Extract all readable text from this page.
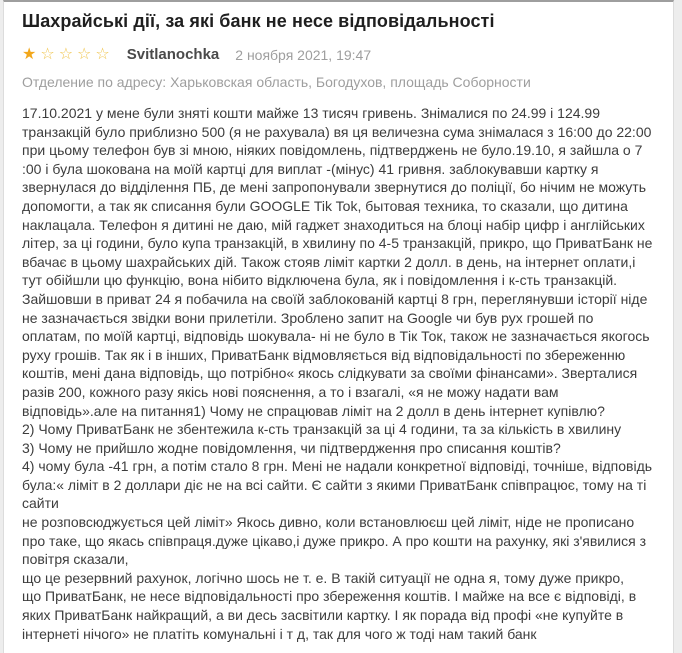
Шахрайські дії, за які банк не несе відповідальності
★ ☆ ☆ ☆ ☆ Svitlanochka 2 ноября 2021, 19:47
Отделение по адресу: Харьковская область, Богодухов, площадь Соборности
17.10.2021 у мене були зняті кошти майже 13 тисяч гривень. Знімалися по 24.99 і 124.99 транзакцій було приблизно 500 (я не рахувала) вя ця величезна сума знімалася з 16:00 до 22:00 при цьому телефон був зі мною, ніяких повідомлень, підтверджень не було.19.10, я зайшла о 7 :00 і була шокована на моїй картці для виплат -(мінус) 41 гривня. заблокувавши картку я звернулася до відділення ПБ, де мені запропонували звернутися до поліції, бо нічим не можуть допомогти, а так як списання були GOOGLE Tik Tok, бытовая техника, то сказали, що дитина наклацала. Телефон я дитині не даю, мій гаджет знаходиться на блоці набір цифр і англійських літер, за ці години, було купа транзакцій, в хвилину по 4-5 транзакцій, прикро, що ПриватБанк не вбачає в цьому шахрайських дій. Також стояв ліміт картки 2 долл. в день, на інтернет оплати,і тут обійшли цю функцію, вона нібито відключена була, як і повідомлення і к-сть транзакцій. Зайшовши в приват 24 я побачила на своїй заблокованій картці 8 грн, переглянувши історії ніде не зазначається звідки вони прилетіли. Зроблено запит на Google чи був рух грошей по оплатам, по моїй картці, відповідь шокувала- ні не було в Тік Ток, також не зазначається якогось руху грошів. Так як і в інших, ПриватБанк відмовляється від відповідальності по збереженню коштів, мені дана відповідь, що потрібно« якось слідкувати за своїми фінансами». Зверталися разів 200, кожного разу якісь нові пояснення, а то і взагалі, «я не можу надати вам відповідь».але на питання1) Чому не спрацював ліміт на 2 долл в день інтернет купівлю?
2) Чому ПриватБанк не збентежила к-сть транзакцій за ці 4 години, та за кількість в хвилину
3) Чому не прийшло жодне повідомлення, чи підтвердження про списання коштів?
4) чому була -41 грн, а потім стало 8 грн. Мені не надали конкретної відповіді, точніше, відповідь була:« ліміт в 2 доллари діє не на всі сайти. Є сайти з якими ПриватБанк співпрацює, тому на ті сайти
не розповсюджується цей ліміт» Якось дивно, коли встановлюєш цей ліміт, ніде не прописано про таке, що якась співпраця.дуже цікаво,і дуже прикро. А про кошти на рахунку, які з'явилися з повітря сказали,
що це резервний рахунок, логічно шось не т. е. В такій ситуації не одна я, тому дуже прикро,
що ПриватБанк, не несе відповідальності про збереження коштів. І майже на все є відповіді, в яких ПриватБанк найкращий, а ви десь засвітили картку. І як порада від профі «не купуйте в інтернеті нічого» не платіть комунальні і т д, так для чого ж тоді нам такий банк
